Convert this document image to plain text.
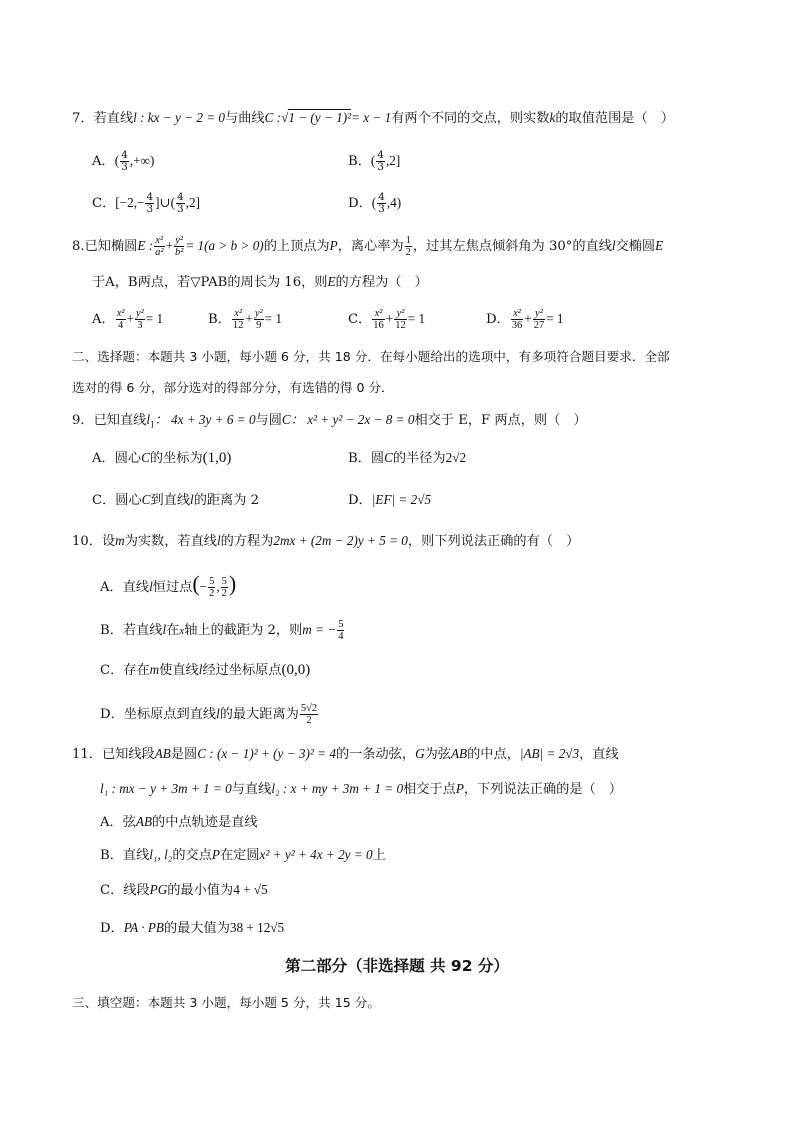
7．若直线l : kx − y − 2 = 0与曲线C :√1 − (y − 1)²= x − 1有两个不同的交点，则实数k的取值范围是（　）
A．( $\frac{4}{3}$ ,+∞)	B．( $\frac{4}{3} ,2$]
C．[$-2,- \frac{4}{3}$ ]∪( $\frac{4}{3} ,2$]	D．( $\frac{4}{3} ,4$)
8.已知椭圆E : $\frac{\text{x²}}{\text{a²}} + \frac{\text{y²}}{\text{b²}} = 1(a > b > 0)$的上顶点为P，离心率为 $\frac{1}{2}$ ，过其左焦点倾斜角为 30°的直线l交椭圆E
于A，B两点，若▽PAB的周长为 16，则E的方程为（　）
A． $\frac{\text{x²}}{4} + \frac{\text{y²}}{3} = 1$	B． $\frac{\text{x²}}{12} + \frac{\text{y²}}{9} = 1$	C． $\frac{\text{x²}}{16} + \frac{\text{y²}}{12} = 1$	D． $\frac{\text{x²}}{36} + \frac{\text{y²}}{27} = 1$
二、选择题：本题共 3 小题，每小题 6 分，共 18 分．在每小题给出的选项中，有多项符合题目要求．全部
选对的得 6 分，部分选对的得部分分，有选错的得 0 分．
9．已知直线$l_1$： 4x + 3y + 6 = 0与圆C： x² + y² − 2x − 8 = 0相交于 E，F 两点，则（　）
A．圆心C的坐标为(1,0)	B．圆C的半径为2√2
C．圆心C到直线l的距离为 2	D．|EF| = 2√5
10．设m为实数，若直线l的方程为2mx + (2m − 2)y + 5 = 0，则下列说法正确的有（　）
A．直线l恒过点(− $\frac{5}{2}$ , $\frac{5}{2}$ )
B．若直线l在x轴上的截距为 2，则m = − $\frac{5}{4}$
C．存在m使直线l经过坐标原点(0,0)
D．坐标原点到直线l的最大距离为 $\frac{5√2}{2}$
11．已知线段AB是圆C : (x − 1)² + (y − 3)² = 4的一条动弦，G为弦AB的中点，|AB| = 2√3，直线
l₁ : mx − y + 3m + 1 = 0与直线l₂ : x + my + 3m + 1 = 0相交于点P，下列说法正确的是（　）
A．弦AB的中点轨迹是直线
B．直线l₁, l₂的交点P在定圆x² + y² + 4x + 2y = 0上
C．线段PG的最小值为4 + √5
D．PA · PB的最大值为38 + 12√5
第二部分（非选择题 共 92 分）
三、填空题：本题共 3 小题，每小题 5 分，共 15 分。
